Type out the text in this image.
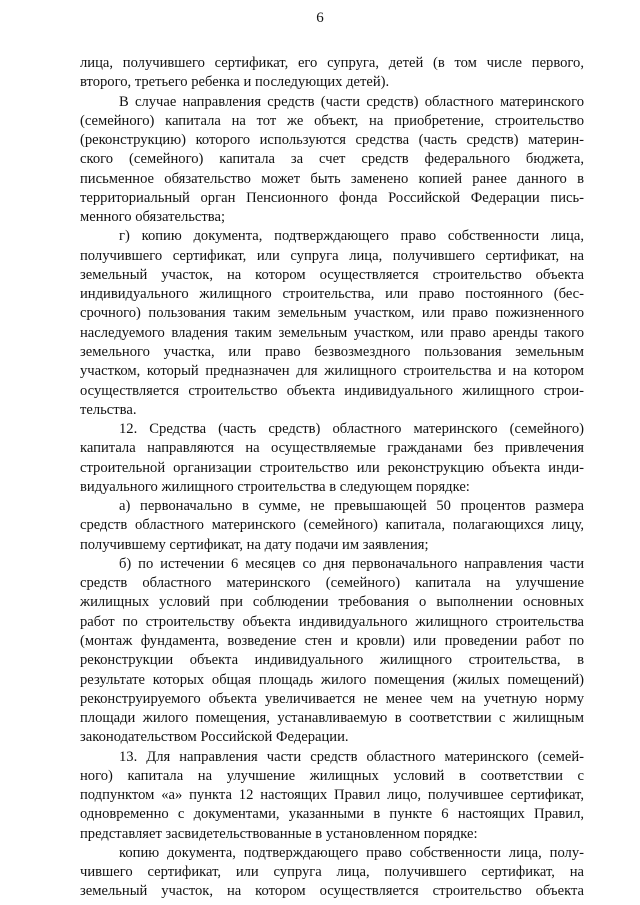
6
лица, получившего сертификат, его супруга, детей (в том числе первого,
второго, третьего ребенка и последующих детей).
В случае направления средств (части средств) областного материнского
(семейного) капитала на тот же объект, на приобретение, строительство
(реконструкцию) которого используются средства (часть средств) материн-
ского (семейного) капитала за счет средств федерального бюджета,
письменное обязательство может быть заменено копией ранее данного в
территориальный орган Пенсионного фонда Российской Федерации пись-
менного обязательства;
г) копию документа, подтверждающего право собственности лица,
получившего сертификат, или супруга лица, получившего сертификат, на
земельный участок, на котором осуществляется строительство объекта
индивидуального жилищного строительства, или право постоянного (бес-
срочного) пользования таким земельным участком, или право пожизненного
наследуемого владения таким земельным участком, или право аренды такого
земельного участка, или право безвозмездного пользования земельным
участком, который предназначен для жилищного строительства и на котором
осуществляется строительство объекта индивидуального жилищного строи-
тельства.
12. Средства (часть средств) областного материнского (семейного)
капитала направляются на осуществляемые гражданами без привлечения
строительной организации строительство или реконструкцию объекта инди-
видуального жилищного строительства в следующем порядке:
а) первоначально в сумме, не превышающей 50 процентов размера
средств областного материнского (семейного) капитала, полагающихся лицу,
получившему сертификат, на дату подачи им заявления;
б) по истечении 6 месяцев со дня первоначального направления части
средств областного материнского (семейного) капитала на улучшение
жилищных условий при соблюдении требования о выполнении основных
работ по строительству объекта индивидуального жилищного строительства
(монтаж фундамента, возведение стен и кровли) или проведении работ по
реконструкции объекта индивидуального жилищного строительства, в
результате которых общая площадь жилого помещения (жилых помещений)
реконструируемого объекта увеличивается не менее чем на учетную норму
площади жилого помещения, устанавливаемую в соответствии с жилищным
законодательством Российской Федерации.
13. Для направления части средств областного материнского (семей-
ного) капитала на улучшение жилищных условий в соответствии с
подпунктом «а» пункта 12 настоящих Правил лицо, получившее сертификат,
одновременно с документами, указанными в пункте 6 настоящих Правил,
представляет засвидетельствованные в установленном порядке:
копию документа, подтверждающего право собственности лица, полу-
чившего сертификат, или супруга лица, получившего сертификат, на
земельный участок, на котором осуществляется строительство объекта
